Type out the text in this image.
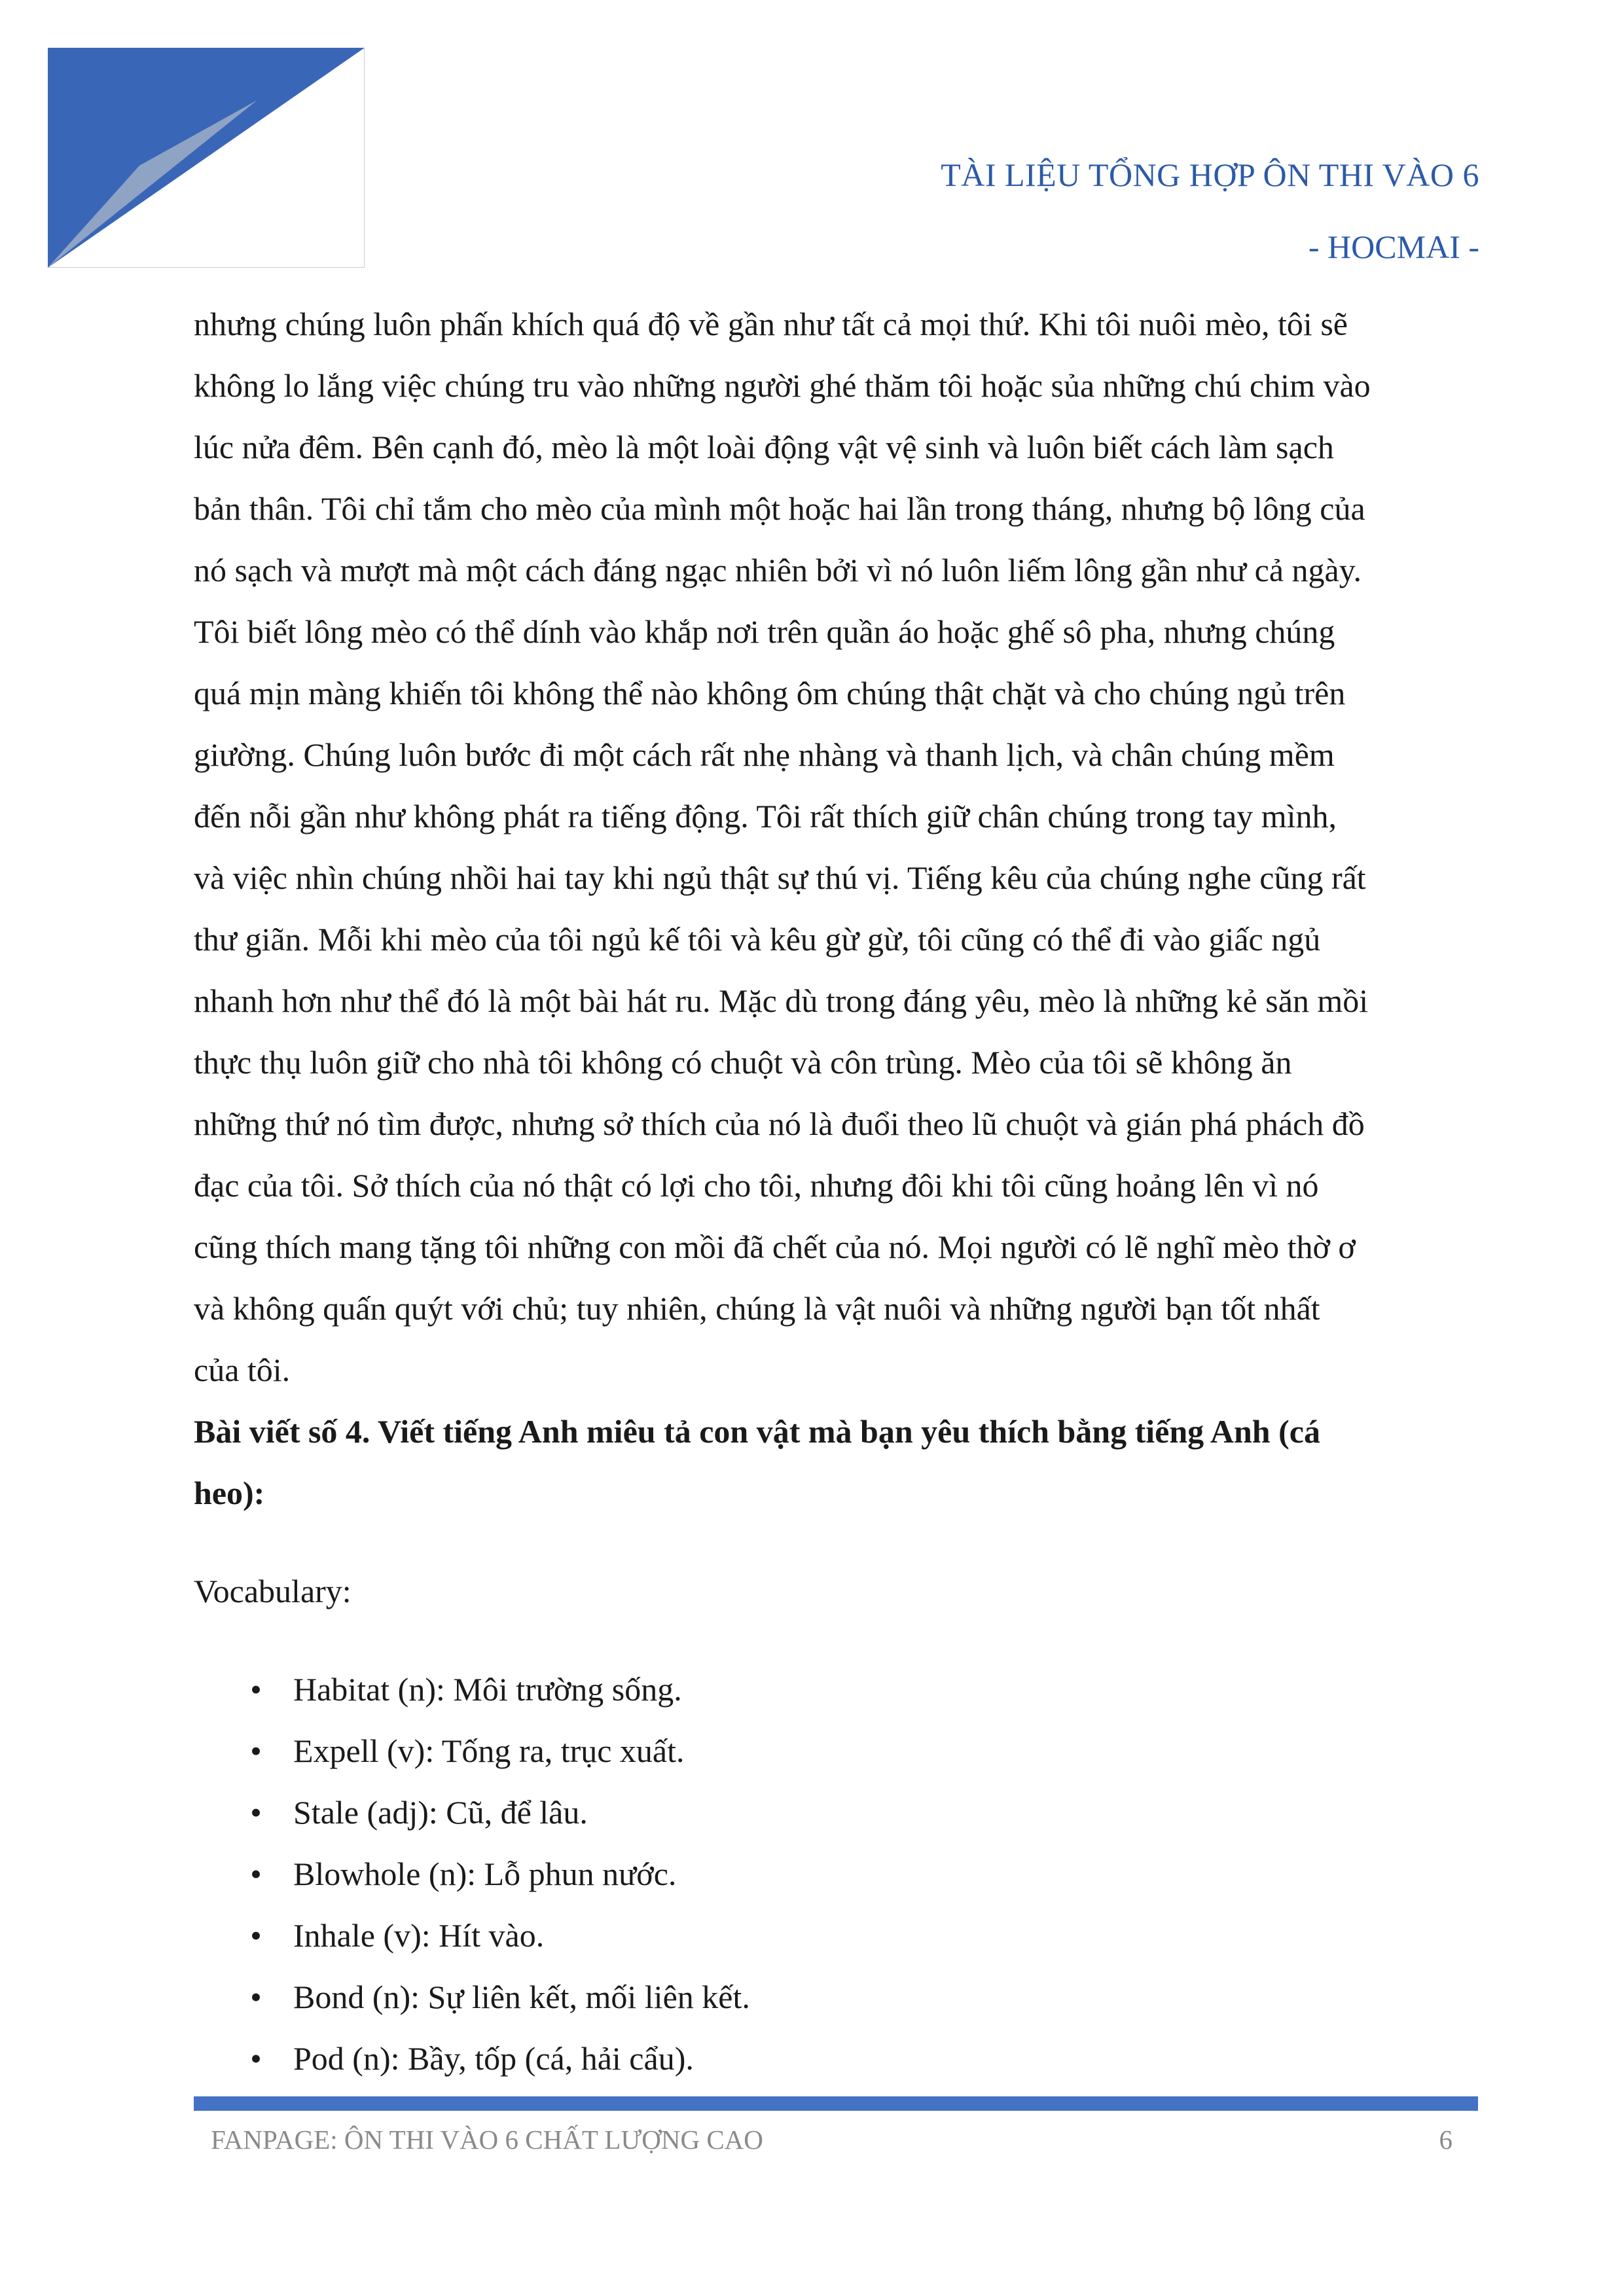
TÀI LIỆU TỔNG HỢP ÔN THI VÀO 6
- HOCMAI -

nhưng chúng luôn phấn khích quá độ về gần như tất cả mọi thứ. Khi tôi nuôi mèo, tôi sẽ

không lo lắng việc chúng tru vào những người ghé thăm tôi hoặc sủa những chú chim vào

lúc nửa đêm. Bên cạnh đó, mèo là một loài động vật vệ sinh và luôn biết cách làm sạch

bản thân. Tôi chỉ tắm cho mèo của mình một hoặc hai lần trong tháng, nhưng bộ lông của

nó sạch và mượt mà một cách đáng ngạc nhiên bởi vì nó luôn liếm lông gần như cả ngày.

Tôi biết lông mèo có thể dính vào khắp nơi trên quần áo hoặc ghế sô pha, nhưng chúng

quá mịn màng khiến tôi không thể nào không ôm chúng thật chặt và cho chúng ngủ trên

giường. Chúng luôn bước đi một cách rất nhẹ nhàng và thanh lịch, và chân chúng mềm

đến nỗi gần như không phát ra tiếng động. Tôi rất thích giữ chân chúng trong tay mình,

và việc nhìn chúng nhồi hai tay khi ngủ thật sự thú vị. Tiếng kêu của chúng nghe cũng rất

thư giãn. Mỗi khi mèo của tôi ngủ kế tôi và kêu gừ gừ, tôi cũng có thể đi vào giấc ngủ

nhanh hơn như thể đó là một bài hát ru. Mặc dù trong đáng yêu, mèo là những kẻ săn mồi

thực thụ luôn giữ cho nhà tôi không có chuột và côn trùng. Mèo của tôi sẽ không ăn

những thứ nó tìm được, nhưng sở thích của nó là đuổi theo lũ chuột và gián phá phách đồ

đạc của tôi. Sở thích của nó thật có lợi cho tôi, nhưng đôi khi tôi cũng hoảng lên vì nó

cũng thích mang tặng tôi những con mồi đã chết của nó. Mọi người có lẽ nghĩ mèo thờ ơ

và không quấn quýt với chủ; tuy nhiên, chúng là vật nuôi và những người bạn tốt nhất

của tôi.

Bài viết số 4. Viết tiếng Anh miêu tả con vật mà bạn yêu thích bằng tiếng Anh (cá

heo):

Vocabulary:

• Habitat (n): Môi trường sống.
• Expell (v): Tống ra, trục xuất.
• Stale (adj): Cũ, để lâu.
• Blowhole (n): Lỗ phun nước.
• Inhale (v): Hít vào.
• Bond (n): Sự liên kết, mối liên kết.
• Pod (n): Bầy, tốp (cá, hải cẩu).
FANPAGE: ÔN THI VÀO 6 CHẤT LƯỢNG CAO	6
